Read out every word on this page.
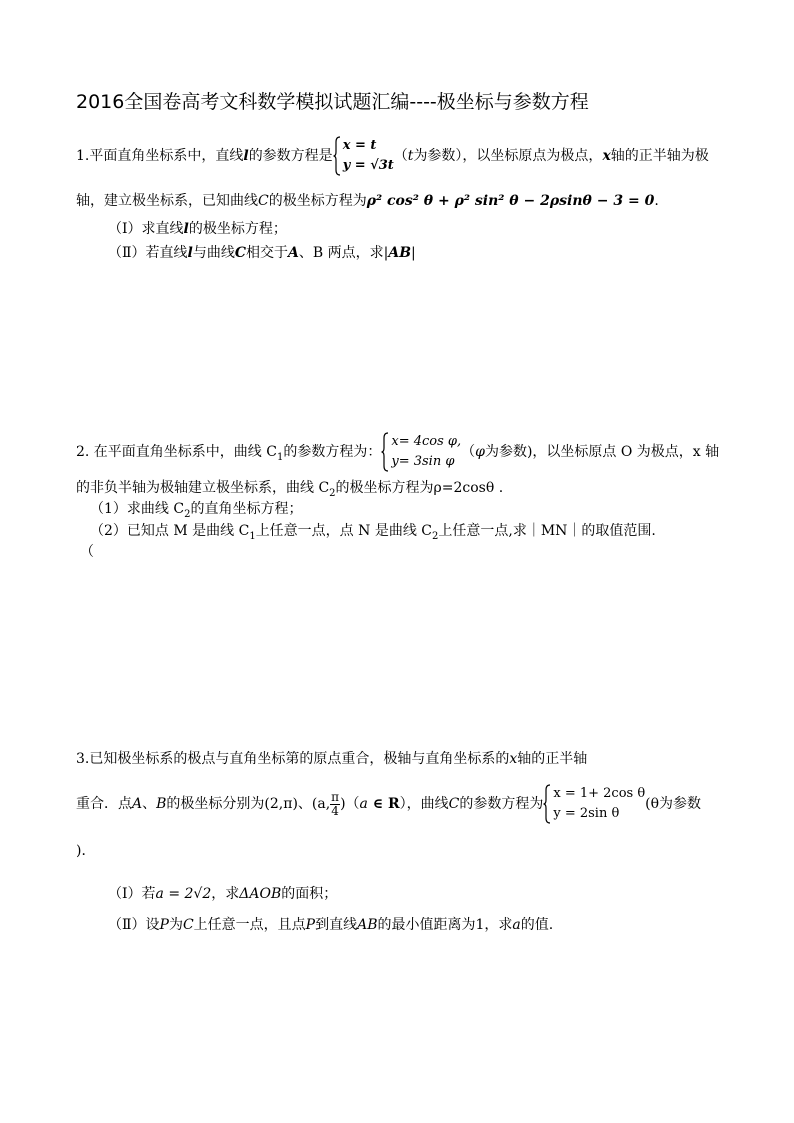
2016全国卷高考文科数学模拟试题汇编----极坐标与参数方程
1.平面直角坐标系中，直线l的参数方程是
x = t
y = √3t
（t为参数），以坐标原点为极点，x轴的正半轴为极
轴，建立极坐标系，已知曲线C的极坐标方程为ρ² cos² θ + ρ² sin² θ − 2ρsinθ − 3 = 0.
（Ⅰ）求直线l的极坐标方程；
（Ⅱ）若直线l与曲线C相交于A、B 两点，求|AB|
2. 在平面直角坐标系中，曲线 $C_1$的参数方程为：
x= 4cos φ,
y= 3sin φ
（φ为参数)，以坐标原点 O 为极点，x 轴
的非负半轴为极轴建立极坐标系，曲线 $C_2$的极坐标方程为ρ=2cosθ .
（1）求曲线 $C_2$的直角坐标方程；
（2）已知点 M 是曲线 $C_1$上任意一点，点 N 是曲线 $C_2$上任意一点,求｜MN｜的取值范围.
（
3.已知极坐标系的极点与直角坐标第的原点重合，极轴与直角坐标系的x轴的正半轴
重合．点A、B的极坐标分别为(2,π)、(a, $\frac{\pi}{4} )(a$ ∈ R），曲线C的参数方程为
x = 1+ 2cos θ
y = 2sin θ
(θ为参数
)．
（Ⅰ）若a = 2√2，求ΔAOB的面积；
（Ⅱ）设P为C上任意一点，且点P到直线AB的最小值距离为1，求a的值.
